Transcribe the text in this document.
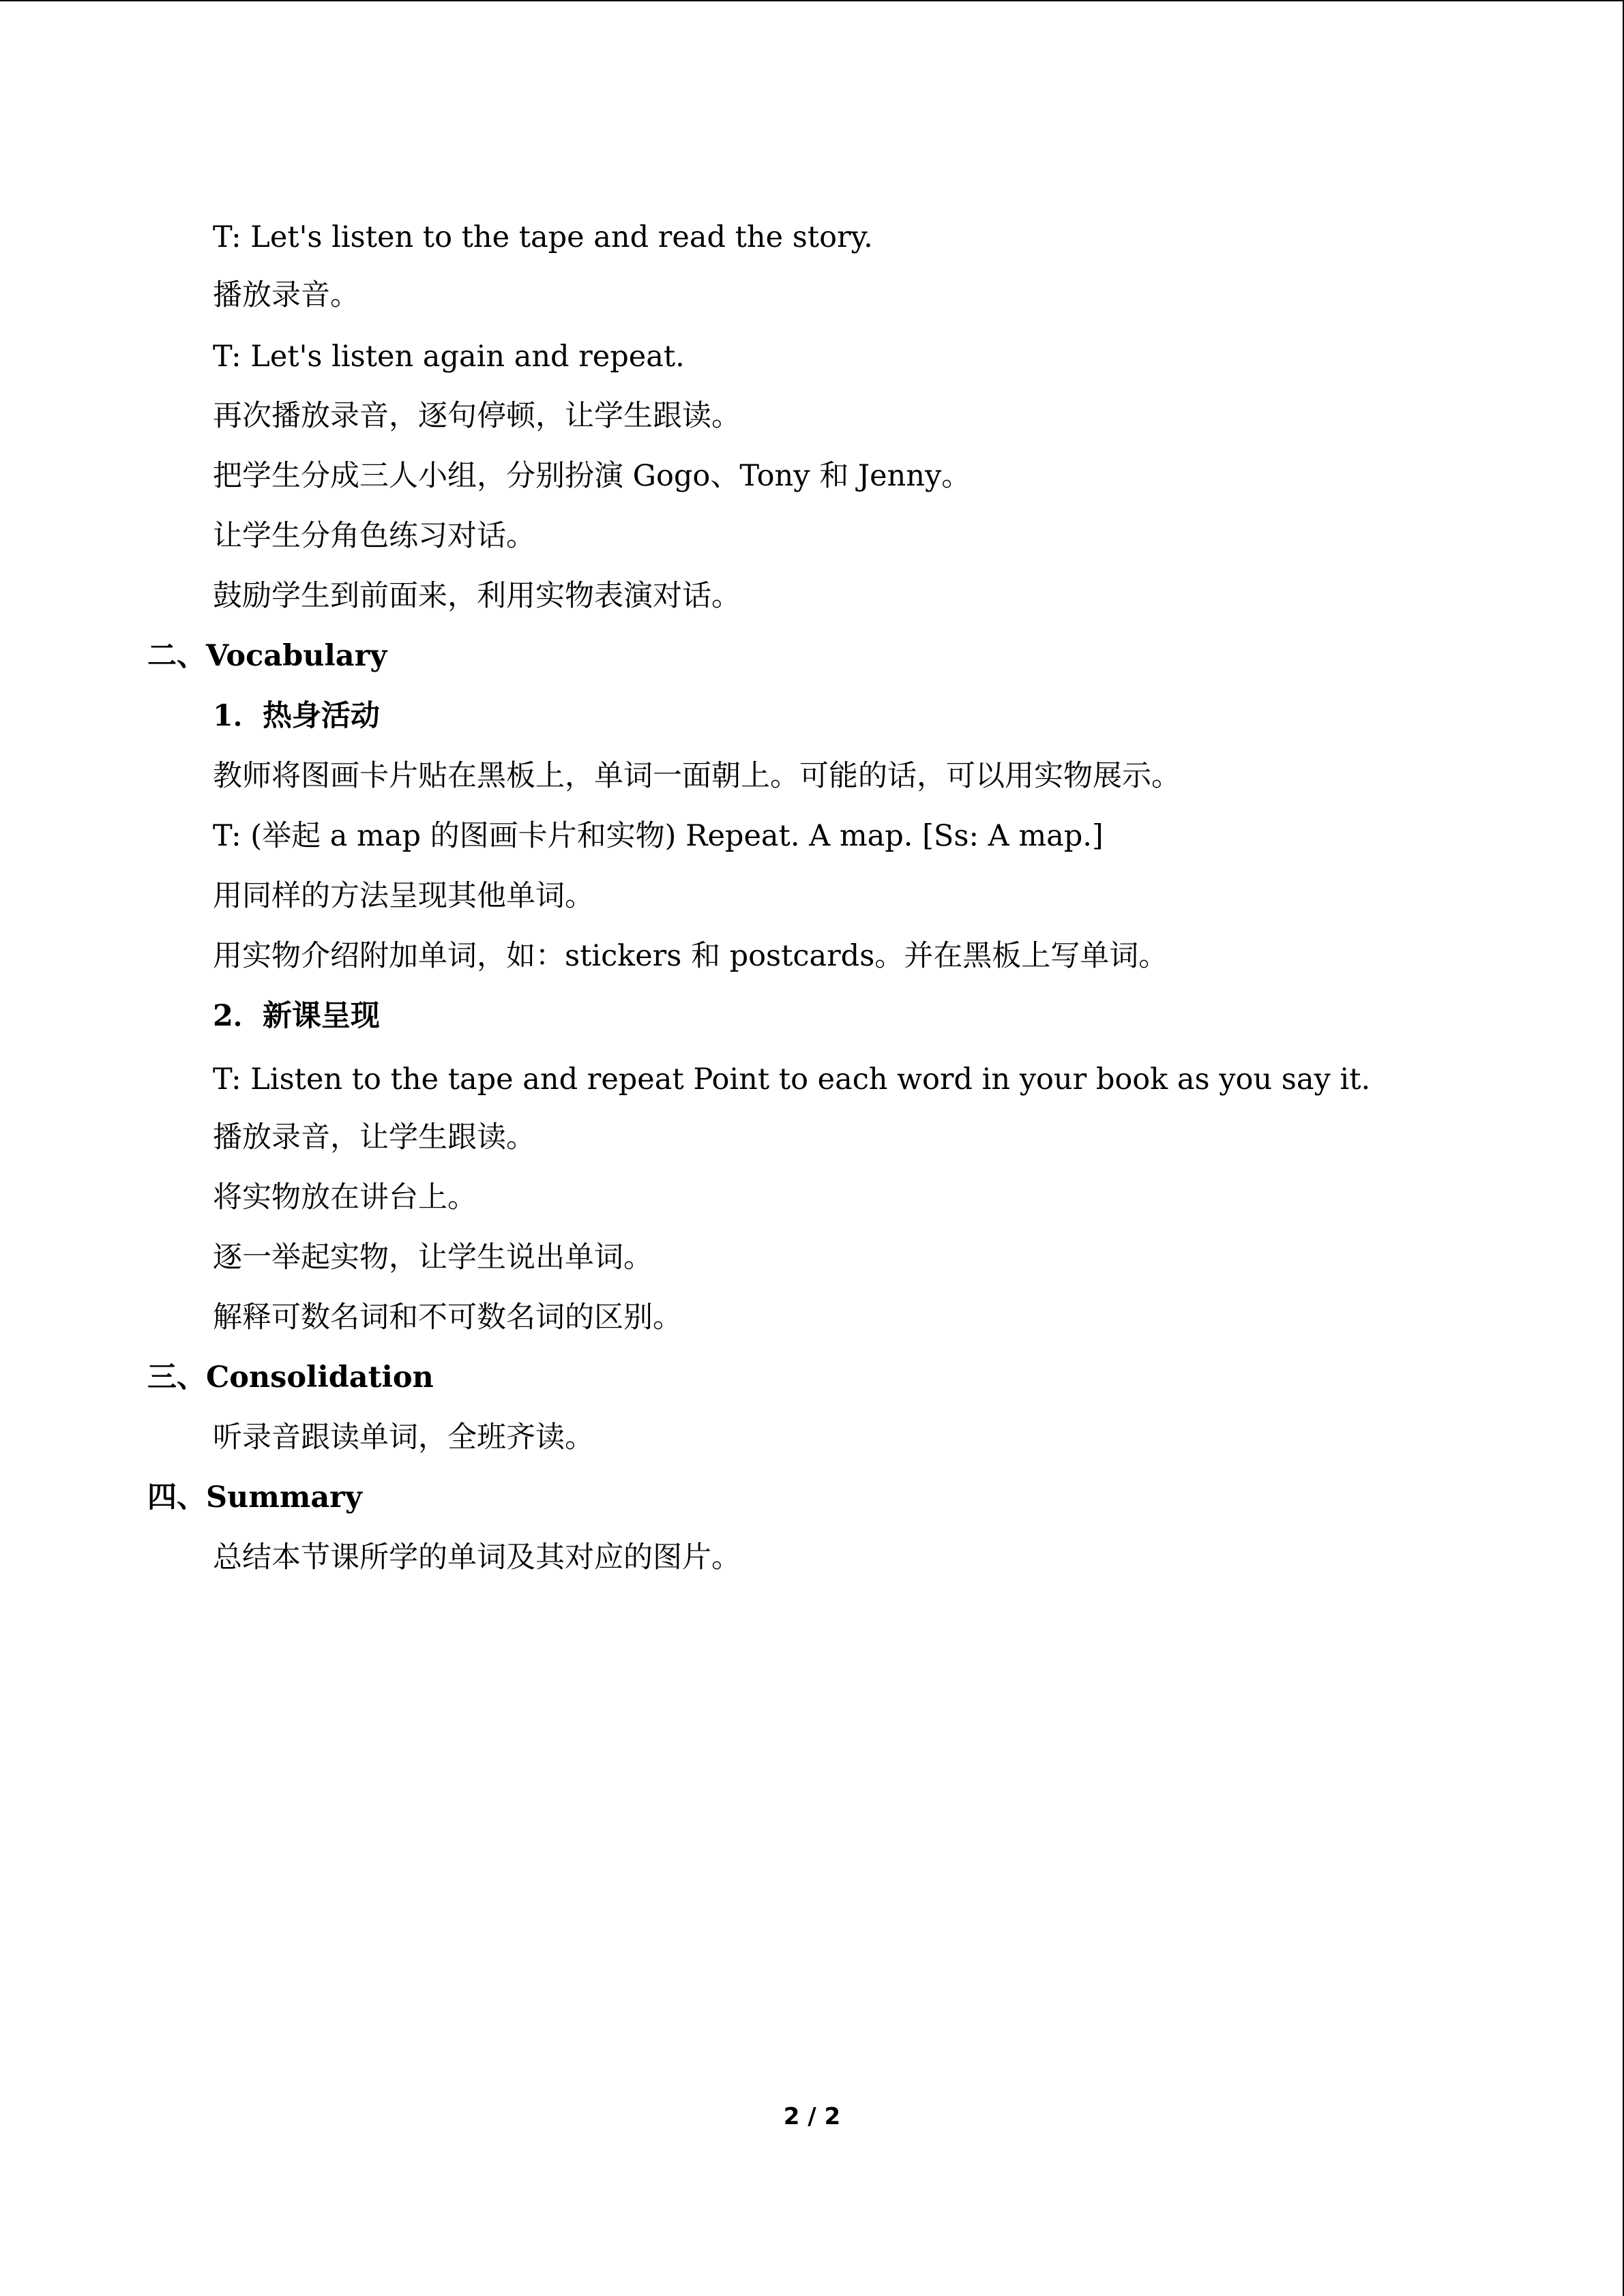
T: Let's listen to the tape and read the story.
播放录音。
T: Let's listen again and repeat.
再次播放录音，逐句停顿，让学生跟读。
把学生分成三人小组，分别扮演 Gogo、Tony 和 Jenny。
让学生分角色练习对话。
鼓励学生到前面来，利用实物表演对话。
二、Vocabulary
1．热身活动
教师将图画卡片贴在黑板上，单词一面朝上。可能的话，可以用实物展示。
T: (举起 a map 的图画卡片和实物) Repeat. A map. [Ss: A map.]
用同样的方法呈现其他单词。
用实物介绍附加单词，如：stickers 和 postcards。并在黑板上写单词。
2．新课呈现
T: Listen to the tape and repeat Point to each word in your book as you say it.
播放录音，让学生跟读。
将实物放在讲台上。
逐一举起实物，让学生说出单词。
解释可数名词和不可数名词的区别。
三、Consolidation
听录音跟读单词，全班齐读。
四、Summary
总结本节课所学的单词及其对应的图片。
2 / 2
